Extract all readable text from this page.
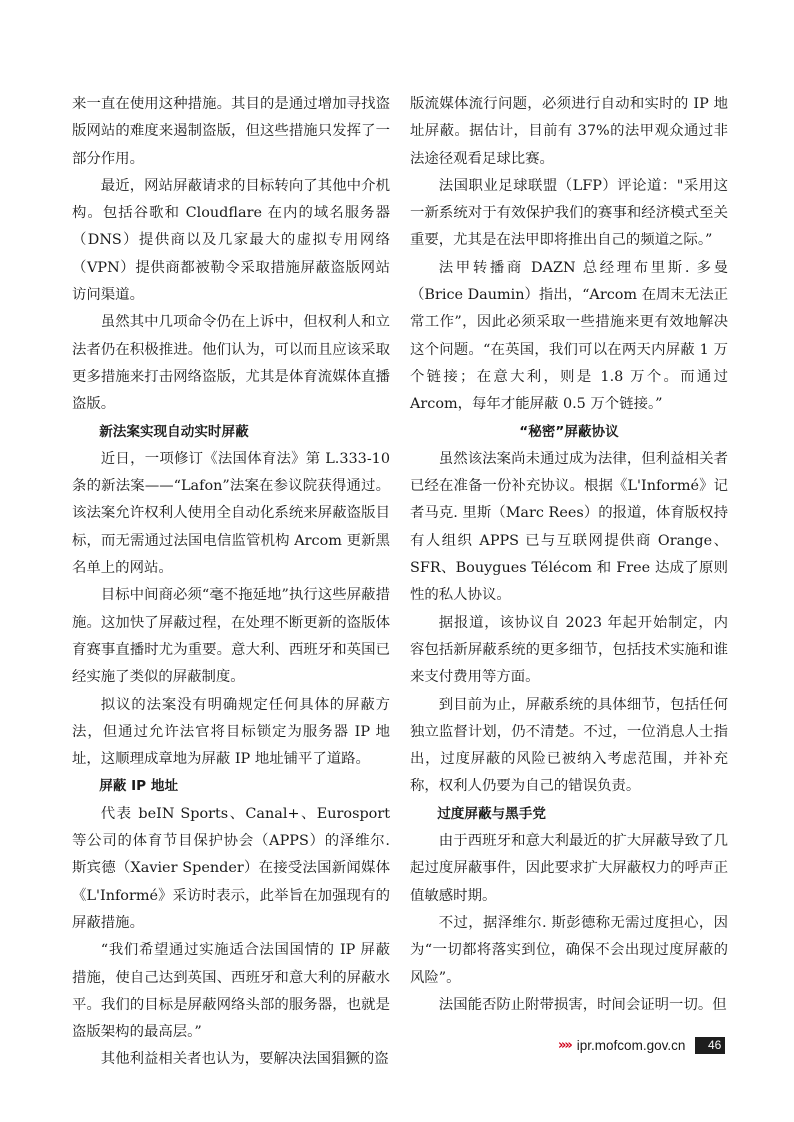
来一直在使用这种措施。其目的是通过增加寻找盗版网站的难度来遏制盗版，但这些措施只发挥了一部分作用。

最近，网站屏蔽请求的目标转向了其他中介机构。包括谷歌和 Cloudflare 在内的域名服务器（DNS）提供商以及几家最大的虚拟专用网络（VPN）提供商都被勒令采取措施屏蔽盗版网站访问渠道。

虽然其中几项命令仍在上诉中，但权利人和立法者仍在积极推进。他们认为，可以而且应该采取更多措施来打击网络盗版，尤其是体育流媒体直播盗版。

新法案实现自动实时屏蔽

近日，一项修订《法国体育法》第 L.333-10 条的新法案——“Lafon”法案在参议院获得通过。该法案允许权利人使用全自动化系统来屏蔽盗版目标，而无需通过法国电信监管机构 Arcom 更新黑名单上的网站。

目标中间商必须“毫不拖延地”执行这些屏蔽措施。这加快了屏蔽过程，在处理不断更新的盗版体育赛事直播时尤为重要。意大利、西班牙和英国已经实施了类似的屏蔽制度。

拟议的法案没有明确规定任何具体的屏蔽方法，但通过允许法官将目标锁定为服务器 IP 地址，这顺理成章地为屏蔽 IP 地址铺平了道路。

屏蔽 IP 地址

代表 beIN Sports、Canal+、Eurosport 等公司的体育节目保护协会（APPS）的泽维尔. 斯宾德（Xavier Spender）在接受法国新闻媒体《L'Informé》采访时表示，此举旨在加强现有的屏蔽措施。

“我们希望通过实施适合法国国情的 IP 屏蔽措施，使自己达到英国、西班牙和意大利的屏蔽水平。我们的目标是屏蔽网络头部的服务器，也就是盗版架构的最高层。”

其他利益相关者也认为，要解决法国猖獗的盗

版流媒体流行问题，必须进行自动和实时的 IP 地址屏蔽。据估计，目前有 37%的法甲观众通过非法途径观看足球比赛。

法国职业足球联盟（LFP）评论道："采用这一新系统对于有效保护我们的赛事和经济模式至关重要，尤其是在法甲即将推出自己的频道之际。”

法甲转播商 DAZN 总经理布里斯. 多曼（Brice Daumin）指出，“Arcom 在周末无法正常工作”，因此必须采取一些措施来更有效地解决这个问题。“在英国，我们可以在两天内屏蔽 1 万个链接；在意大利，则是 1.8 万个。而通过 Arcom，每年才能屏蔽 0.5 万个链接。”

“秘密”屏蔽协议

虽然该法案尚未通过成为法律，但利益相关者已经在准备一份补充协议。根据《L'Informé》记者马克. 里斯（Marc Rees）的报道，体育版权持有人组织 APPS 已与互联网提供商 Orange、SFR、Bouygues Télécom 和 Free 达成了原则性的私人协议。

据报道，该协议自 2023 年起开始制定，内容包括新屏蔽系统的更多细节，包括技术实施和谁来支付费用等方面。

到目前为止，屏蔽系统的具体细节，包括任何独立监督计划，仍不清楚。不过，一位消息人士指出，过度屏蔽的风险已被纳入考虑范围，并补充称，权利人仍要为自己的错误负责。

过度屏蔽与黑手党

由于西班牙和意大利最近的扩大屏蔽导致了几起过度屏蔽事件，因此要求扩大屏蔽权力的呼声正值敏感时期。

不过，据泽维尔. 斯彭德称无需过度担心，因为“一切都将落实到位，确保不会出现过度屏蔽的风险”。

法国能否防止附带损害，时间会证明一切。但

»» ipr.mofcom.gov.cn	46
